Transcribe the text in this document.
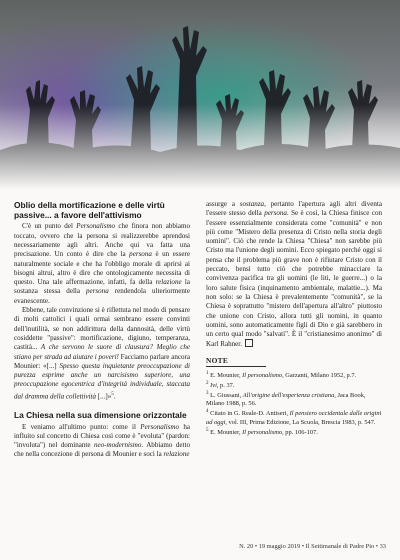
Oblio della mortificazione e delle virtù passive... a favore dell'attivismo

C'è un punto del Personalismo che finora non abbiamo toccato, ovvero che la persona si realizzerebbe aprendosi necessariamente agli altri. Anche qui va fatta una precisazione. Un conto è dire che la persona è un essere naturalmente sociale e che ha l'obbligo morale di aprirsi ai bisogni altrui, altro è dire che ontologicamente necessita di questo. Una tale affermazione, infatti, fa della relazione la sostanza stessa della persona rendendola ulteriormente evanescente.

Ebbene, tale convinzione si è riflettuta nel modo di pensare di molti cattolici i quali ormai sembrano essere convinti dell'inutilità, se non addirittura della dannosità, delle virtù cosiddette "passive": mortificazione, digiuno, temperanza, castità... A che servono le suore di clausura? Meglio che stiano per strada ad aiutare i poveri! Facciamo parlare ancora Mounier: «[...] Spesso questa inquietante preoccupazione di purezza esprime anche un narcisismo superiore, una preoccupazione egocentrica d'integrità individuale, staccata dal dramma della collettività [...]»$^5$.

La Chiesa nella sua dimensione orizzontale

E veniamo all'ultimo punto: come il Personalismo ha influito sul concetto di Chiesa così come è "evoluta" (pardon: "involuta") nel dominante neo-modernismo. Abbiamo detto che nella concezione di persona di Mounier e soci la relazione

assurge a sostanza, pertanto l'apertura agli altri diventa l'essere stesso della persona. Se è così, la Chiesa finisce con l'essere essenzialmente considerata come "comunità" e non più come "Mistero della presenza di Cristo nella storia degli uomini". Ciò che rende la Chiesa "Chiesa" non sarebbe più Cristo ma l'unione degli uomini. Ecco spiegato perché oggi si pensa che il problema più grave non è rifiutare Cristo con il peccato, bensì tutto ciò che potrebbe minacciare la convivenza pacifica tra gli uomini (le liti, le guerre...) o la loro salute fisica (inquinamento ambientale, malattie...). Ma non solo: se la Chiesa è prevalentemente "comunità", se la Chiesa è soprattutto "mistero dell'apertura all'altro" piuttosto che unione con Cristo, allora tutti gli uomini, in quanto uomini, sono automaticamente figli di Dio e già sarebbero in un certo qual modo "salvati". È il "cristianesimo anonimo" di Karl Rahner.

NOTE

$^1$ E. Mounier, Il personalismo, Garzanti, Milano 1952, p.7.

$^2$ Ivi, p. 37.

$^3$ L. Giussani, All'origine dell'esperienza cristiana, Jaca Book, Milano 1988, p. 56.

$^4$ Citato in G. Reale-D. Antiseri, Il pensiero occidentale dalle origini ad oggi, vol. III, Prima Edizione, La Scuola, Brescia 1983, p. 547.

$^5$ E. Mounier, Il personalismo, pp. 106-107.

N. 20 • 19 maggio 2019 • Il Settimanale di Padre Pio • 33
